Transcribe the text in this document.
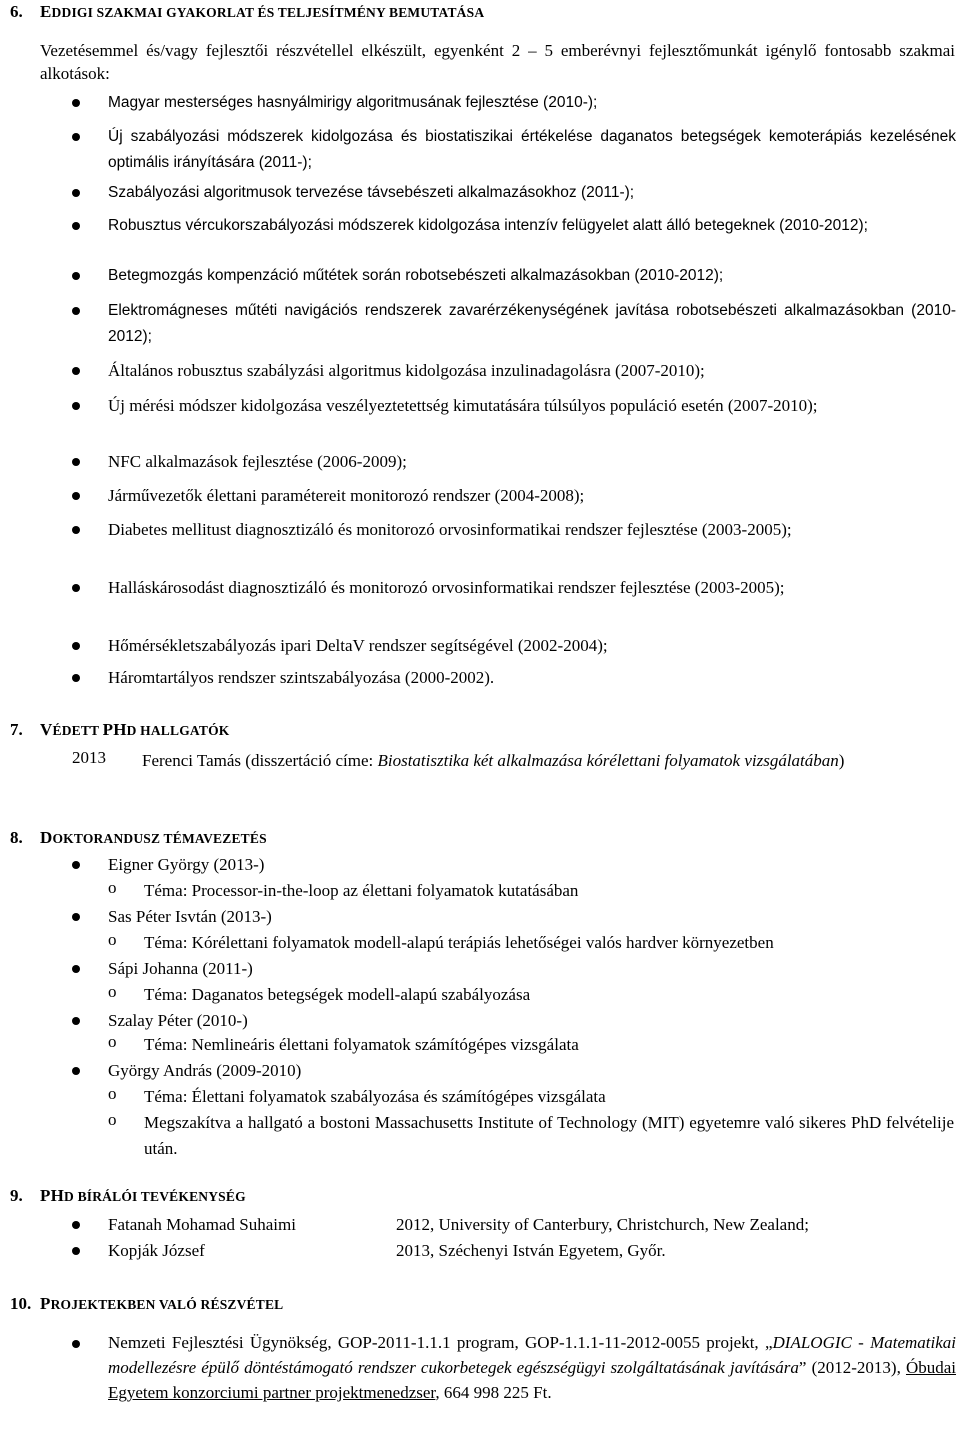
6.	EDDIGI SZAKMAI GYAKORLAT ÉS TELJESÍTMÉNY BEMUTATÁSA
Vezetésemmel és/vagy fejlesztői részvétellel elkészült, egyenként 2 – 5 emberévnyi fejlesztőmunkát igénylő fontosabb szakmai alkotások:
Magyar mesterséges hasnyálmirigy algoritmusának fejlesztése (2010-);
Új szabályozási módszerek kidolgozása és biostatiszikai értékelése daganatos betegségek kemoterápiás kezelésének optimális irányítására (2011-);
Szabályozási algoritmusok tervezése távsebészeti alkalmazásokhoz (2011-);
Robusztus vércukorszabályozási módszerek kidolgozása intenzív felügyelet alatt álló betegeknek (2010-2012);
Betegmozgás kompenzáció műtétek során robotsebészeti alkalmazásokban (2010-2012);
Elektromágneses műtéti navigációs rendszerek zavarérzékenységének javítása robotsebészeti alkalmazásokban (2010-2012);
Általános robusztus szabályzási algoritmus kidolgozása inzulinadagolásra (2007-2010);
Új mérési módszer kidolgozása veszélyeztetettség kimutatására túlsúlyos populáció esetén (2007-2010);
NFC alkalmazások fejlesztése (2006-2009);
Járművezetők élettani paramétereit monitorozó rendszer (2004-2008);
Diabetes mellitust diagnosztizáló és monitorozó orvosinformatikai rendszer fejlesztése (2003-2005);
Halláskárosodást diagnosztizáló és monitorozó orvosinformatikai rendszer fejlesztése (2003-2005);
Hőmérsékletszabályozás ipari DeltaV rendszer segítségével (2002-2004);
Háromtartályos rendszer szintszabályozása (2000-2002).
7.	VÉDETT PHD HALLGATÓK
2013 Ferenci Tamás (disszertáció címe: Biostatisztika két alkalmazása kórélettani folyamatok vizsgálatában)
8.	DOKTORANDUSZ TÉMAVEZETÉS
Eigner György (2013-)
o Téma: Processor-in-the-loop az élettani folyamatok kutatásában
Sas Péter Isvtán (2013-)
o Téma: Kórélettani folyamatok modell-alapú terápiás lehetőségei valós hardver környezetben
Sápi Johanna (2011-)
o Téma: Daganatos betegségek modell-alapú szabályozása
Szalay Péter (2010-)
o Téma: Nemlineáris élettani folyamatok számítógépes vizsgálata
György András (2009-2010)
o Téma: Élettani folyamatok szabályozása és számítógépes vizsgálata
o Megszakítva a hallgató a bostoni Massachusetts Institute of Technology (MIT) egyetemre való sikeres PhD felvételije után.
9.	PHD BÍRÁLÓI TEVÉKENYSÉG
Fatanah Mohamad Suhaimi	2012, University of Canterbury, Christchurch, New Zealand;
Kopják József	2013, Széchenyi István Egyetem, Győr.
10. PROJEKTEKBEN VALÓ RÉSZVÉTEL
Nemzeti Fejlesztési Ügynökség, GOP-2011-1.1.1 program, GOP-1.1.1-11-2012-0055 projekt, „DIALOGIC - Matematikai modellezésre épülő döntéstámogató rendszer cukorbetegek egészségügyi szolgáltatásának javítására” (2012-2013), Óbudai Egyetem konzorciumi partner projektmenedzser, 664 998 225 Ft.
